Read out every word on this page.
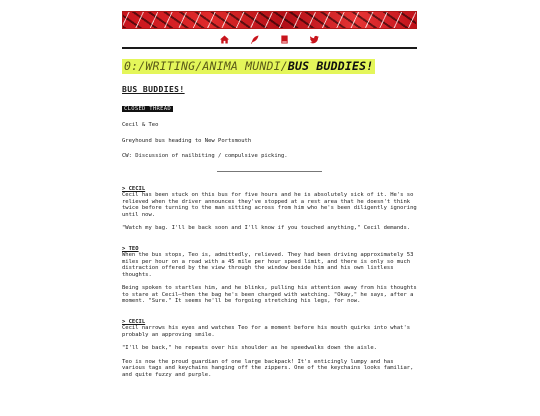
0:/WRITING/ANIMA MUNDI/BUS BUDDIES!
BUS BUDDIES!
CLOSED THREAD

Cecil & Teo

Greyhound bus heading to New Portsmouth

CW: Discussion of nailbiting / compulsive picking.

> CECIL

Cecil has been stuck on this bus for five hours and he is absolutely sick of it. He's so relieved when the driver announces they've stopped at a rest area that he doesn't think twice before turning to the man sitting across from him who he's been diligently ignoring until now.

"Watch my bag. I'll be back soon and I'll know if you touched anything," Cecil demands.

> TEO

When the bus stops, Teo is, admittedly, relieved. They had been driving approximately 53 miles per hour on a road with a 45 mile per hour speed limit, and there is only so much distraction offered by the view through the window beside him and his own listless thoughts.

Being spoken to startles him, and he blinks, pulling his attention away from his thoughts to stare at Cecil—then the bag he's been charged with watching. "Okay," he says, after a moment. "Sure." It seems he'll be forgoing stretching his legs, for now.

> CECIL

Cecil narrows his eyes and watches Teo for a moment before his mouth quirks into what's probably an approving smile.

"I'll be back," he repeats over his shoulder as he speedwalks down the aisle.

Teo is now the proud guardian of one large backpack! It's enticingly lumpy and has various tags and keychains hanging off the zippers. One of the keychains looks familiar, and quite fuzzy and purple.
